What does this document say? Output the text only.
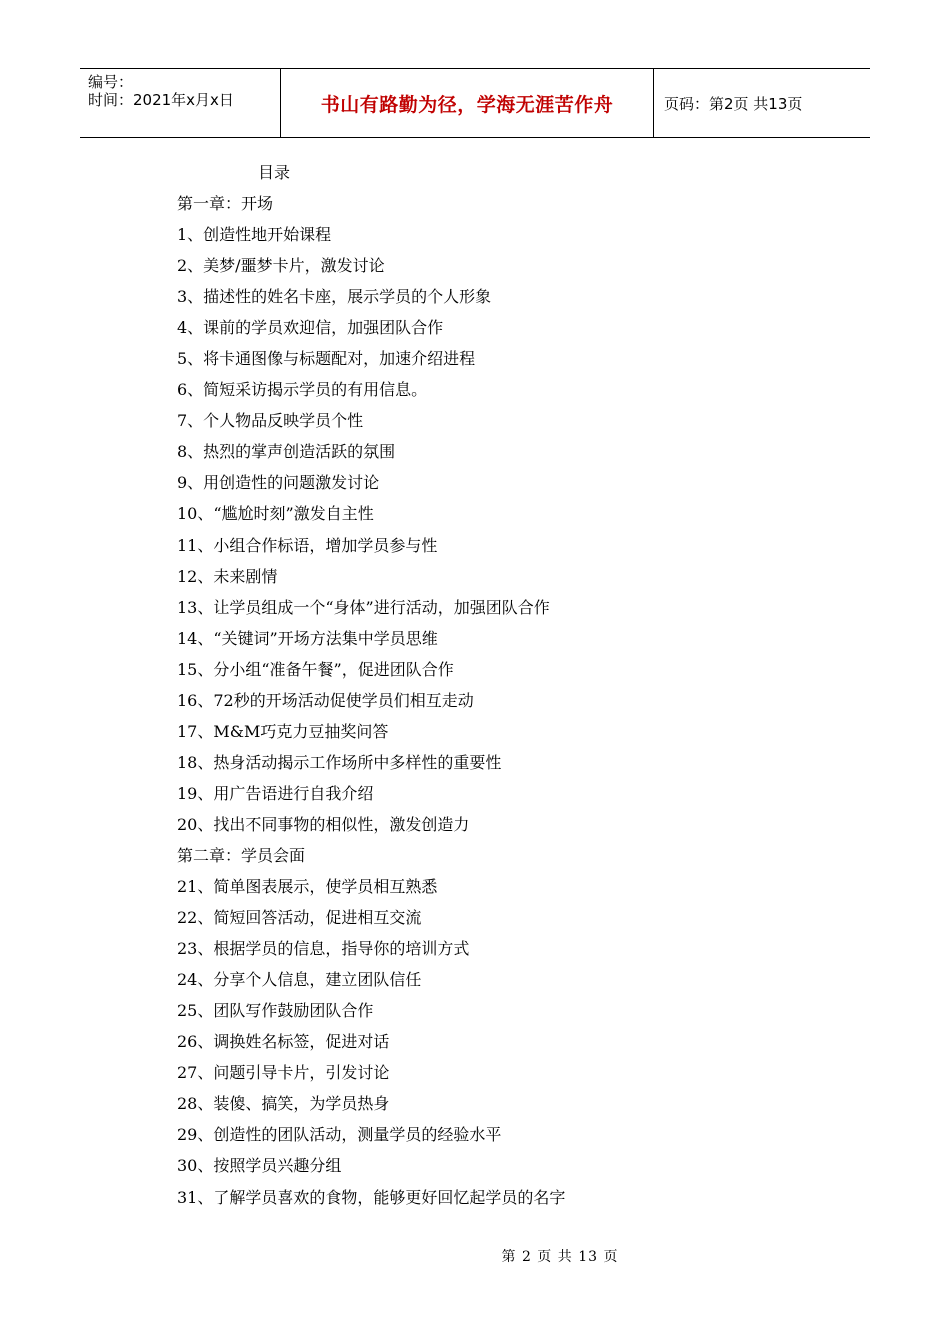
编号：
时间：2021年x月x日	书山有路勤为径，学海无涯苦作舟	页码：第2页 共13页
目录
第一章：开场
1、创造性地开始课程
2、美梦/噩梦卡片，激发讨论
3、描述性的姓名卡座，展示学员的个人形象
4、课前的学员欢迎信，加强团队合作
5、将卡通图像与标题配对，加速介绍进程
6、简短采访揭示学员的有用信息。
7、个人物品反映学员个性
8、热烈的掌声创造活跃的氛围
9、用创造性的问题激发讨论
10、“尴尬时刻”激发自主性
11、小组合作标语，增加学员参与性
12、未来剧情
13、让学员组成一个“身体”进行活动，加强团队合作
14、“关键词”开场方法集中学员思维
15、分小组“准备午餐”，促进团队合作
16、72秒的开场活动促使学员们相互走动
17、M&M巧克力豆抽奖问答
18、热身活动揭示工作场所中多样性的重要性
19、用广告语进行自我介绍
20、找出不同事物的相似性，激发创造力
第二章：学员会面
21、简单图表展示，使学员相互熟悉
22、简短回答活动，促进相互交流
23、根据学员的信息，指导你的培训方式
24、分享个人信息，建立团队信任
25、团队写作鼓励团队合作
26、调换姓名标签，促进对话
27、问题引导卡片，引发讨论
28、装傻、搞笑，为学员热身
29、创造性的团队活动，测量学员的经验水平
30、按照学员兴趣分组
31、了解学员喜欢的食物，能够更好回忆起学员的名字
第 2 页 共 13 页
